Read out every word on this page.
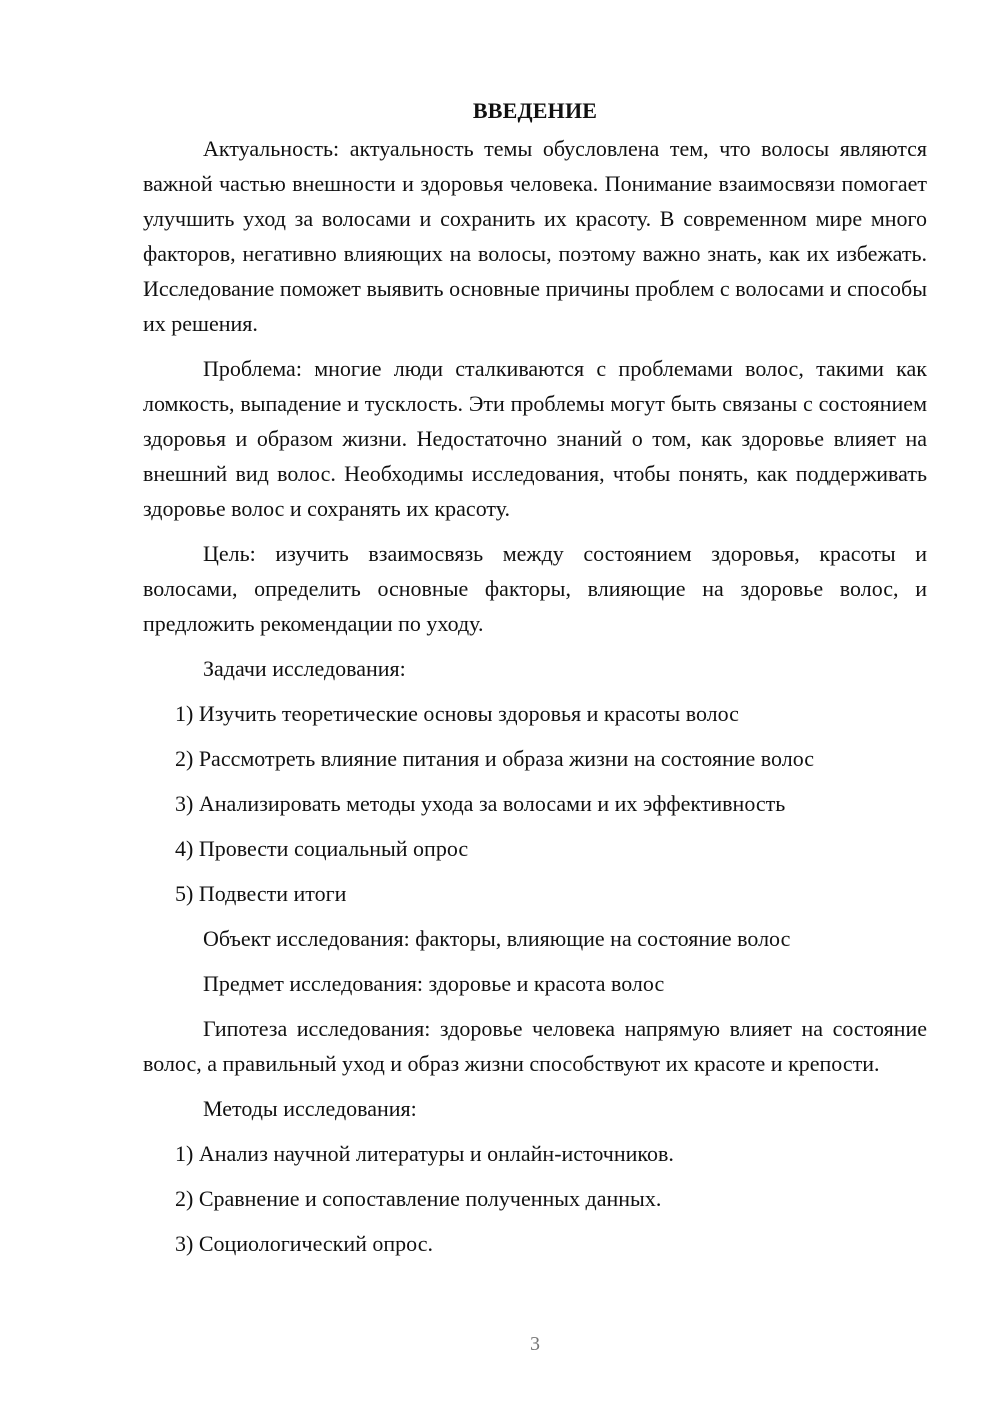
ВВЕДЕНИЕ
Актуальность: актуальность темы обусловлена тем, что волосы являются важной частью внешности и здоровья человека. Понимание взаимосвязи помогает улучшить уход за волосами и сохранить их красоту. В современном мире много факторов, негативно влияющих на волосы, поэтому важно знать, как их избежать. Исследование поможет выявить основные причины проблем с волосами и способы их решения.
Проблема: многие люди сталкиваются с проблемами волос, такими как ломкость, выпадение и тусклость. Эти проблемы могут быть связаны с состоянием здоровья и образом жизни. Недостаточно знаний о том, как здоровье влияет на внешний вид волос. Необходимы исследования, чтобы понять, как поддерживать здоровье волос и сохранять их красоту.
Цель: изучить взаимосвязь между состоянием здоровья, красоты и волосами, определить основные факторы, влияющие на здоровье волос, и предложить рекомендации по уходу.
Задачи исследования:
1) Изучить теоретические основы здоровья и красоты волос
2) Рассмотреть влияние питания и образа жизни на состояние волос
3) Анализировать методы ухода за волосами и их эффективность
4) Провести социальный опрос
5) Подвести итоги
Объект исследования: факторы, влияющие на состояние волос
Предмет исследования: здоровье и красота волос
Гипотеза исследования: здоровье человека напрямую влияет на состояние волос, а правильный уход и образ жизни способствуют их красоте и крепости.
Методы исследования:
1) Анализ научной литературы и онлайн-источников.
2) Сравнение и сопоставление полученных данных.
3) Социологический опрос.
3
